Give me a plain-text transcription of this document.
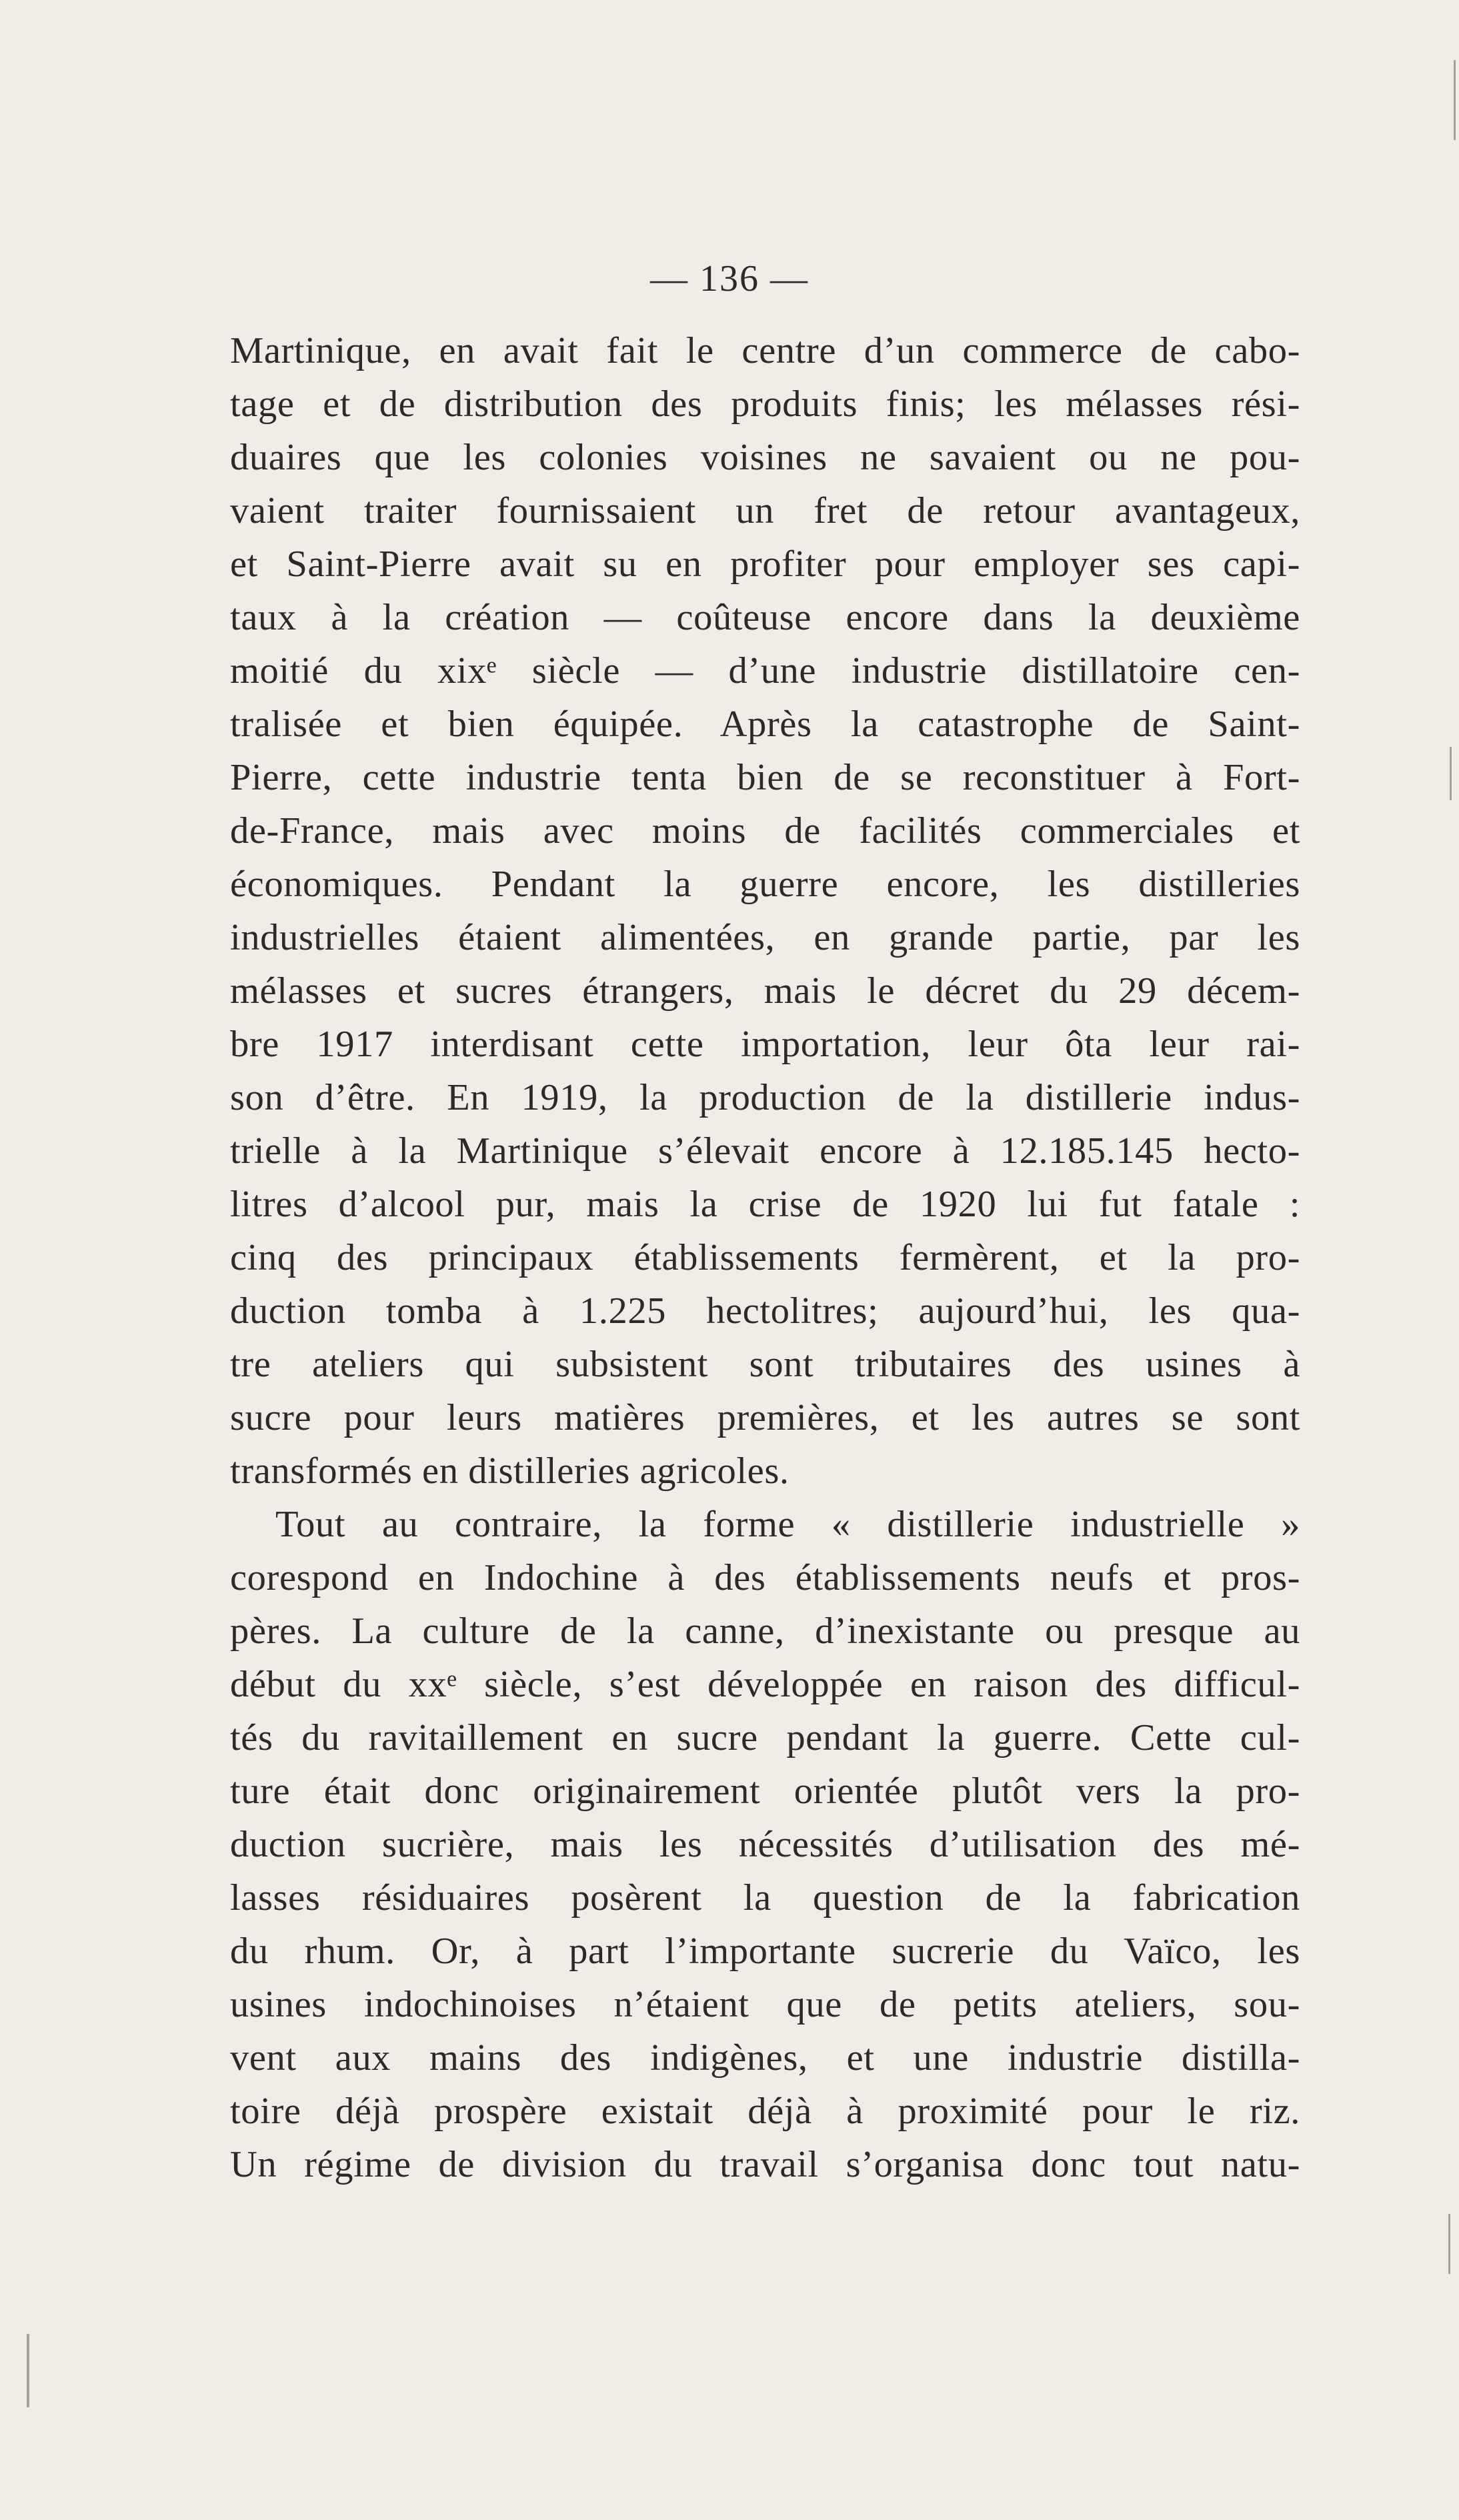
— 136 —
Martinique, en avait fait le centre d’un commerce de cabo-
tage et de distribution des produits finis; les mélasses rési-
duaires que les colonies voisines ne savaient ou ne pou-
vaient traiter fournissaient un fret de retour avantageux,
et Saint-Pierre avait su en profiter pour employer ses capi-
taux à la création — coûteuse encore dans la deuxième
moitié du xixᵉ siècle — d’une industrie distillatoire cen-
tralisée et bien équipée. Après la catastrophe de Saint-
Pierre, cette industrie tenta bien de se reconstituer à Fort-
de-France, mais avec moins de facilités commerciales et
économiques. Pendant la guerre encore, les distilleries
industrielles étaient alimentées, en grande partie, par les
mélasses et sucres étrangers, mais le décret du 29 décem-
bre 1917 interdisant cette importation, leur ôta leur rai-
son d’être. En 1919, la production de la distillerie indus-
trielle à la Martinique s’élevait encore à 12.185.145 hecto-
litres d’alcool pur, mais la crise de 1920 lui fut fatale :
cinq des principaux établissements fermèrent, et la pro-
duction tomba à 1.225 hectolitres; aujourd’hui, les qua-
tre ateliers qui subsistent sont tributaires des usines à
sucre pour leurs matières premières, et les autres se sont
transformés en distilleries agricoles.
Tout au contraire, la forme « distillerie industrielle »
corespond en Indochine à des établissements neufs et pros-
pères. La culture de la canne, d’inexistante ou presque au
début du xxᵉ siècle, s’est développée en raison des difficul-
tés du ravitaillement en sucre pendant la guerre. Cette cul-
ture était donc originairement orientée plutôt vers la pro-
duction sucrière, mais les nécessités d’utilisation des mé-
lasses résiduaires posèrent la question de la fabrication
du rhum. Or, à part l’importante sucrerie du Vaïco, les
usines indochinoises n’étaient que de petits ateliers, sou-
vent aux mains des indigènes, et une industrie distilla-
toire déjà prospère existait déjà à proximité pour le riz.
Un régime de division du travail s’organisa donc tout natu-
